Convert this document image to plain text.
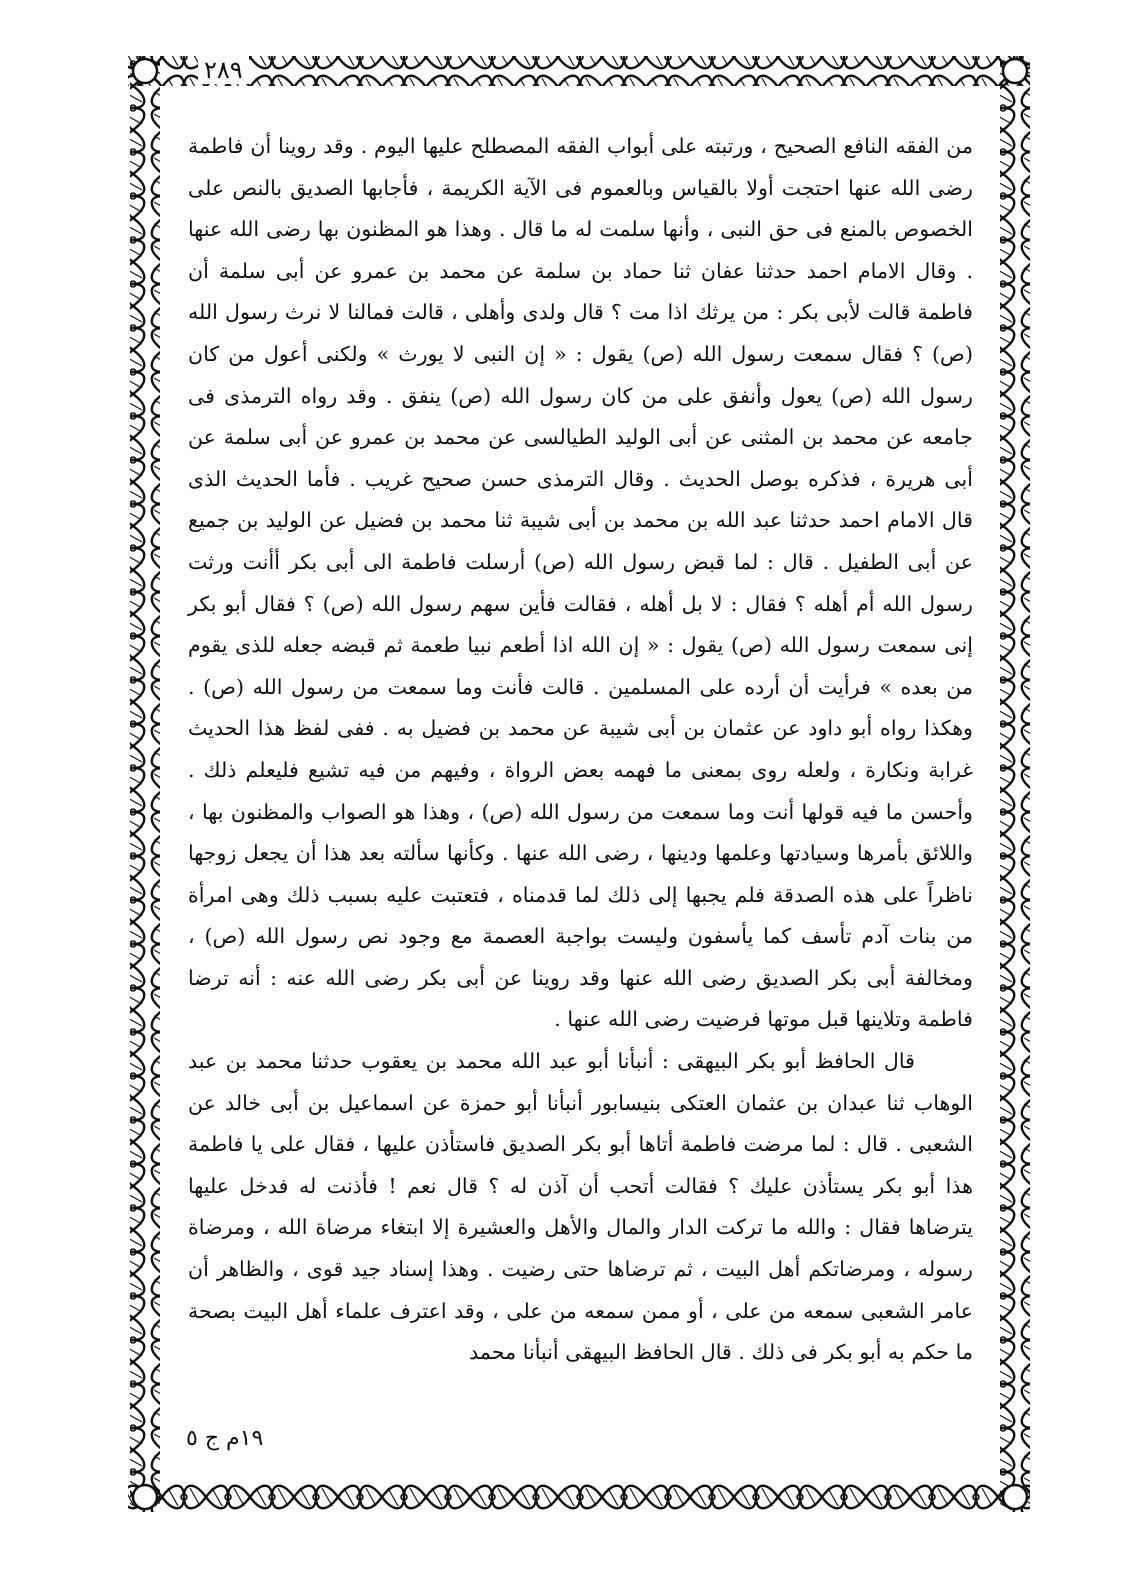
٢٨٩

من الفقه النافع الصحيح ، ورتبته على أبواب الفقه المصطلح عليها اليوم . وقد روينا أن فاطمة رضى الله عنها احتجت أولا بالقياس وبالعموم فى الآية الكريمة ، فأجابها الصديق بالنص على الخصوص بالمنع فى حق النبى ، وأنها سلمت له ما قال . وهذا هو المظنون بها رضى الله عنها . وقال الامام احمد حدثنا عفان ثنا حماد بن سلمة عن محمد بن عمرو عن أبى سلمة أن فاطمة قالت لأبى بكر : من يرثك اذا مت ؟ قال ولدى وأهلى ، قالت فمالنا لا نرث رسول الله (ص) ؟ فقال سمعت رسول الله (ص) يقول : « إن النبى لا يورث » ولكنى أعول من كان رسول الله (ص) يعول وأنفق على من كان رسول الله (ص) ينفق . وقد رواه الترمذى فى جامعه عن محمد بن المثنى عن أبى الوليد الطيالسى عن محمد بن عمرو عن أبى سلمة عن أبى هريرة ، فذكره بوصل الحديث . وقال الترمذى حسن صحيح غريب . فأما الحديث الذى قال الامام احمد حدثنا عبد الله بن محمد بن أبى شيبة ثنا محمد بن فضيل عن الوليد بن جميع عن أبى الطفيل . قال : لما قبض رسول الله (ص) أرسلت فاطمة الى أبى بكر أأنت ورثت رسول الله أم أهله ؟ فقال : لا بل أهله ، فقالت فأين سهم رسول الله (ص) ؟ فقال أبو بكر إنى سمعت رسول الله (ص) يقول : « إن الله اذا أطعم نبيا طعمة ثم قبضه جعله للذى يقوم من بعده » فرأيت أن أرده على المسلمين . قالت فأنت وما سمعت من رسول الله (ص) . وهكذا رواه أبو داود عن عثمان بن أبى شيبة عن محمد بن فضيل به . ففى لفظ هذا الحديث غرابة ونكارة ، ولعله روى بمعنى ما فهمه بعض الرواة ، وفيهم من فيه تشيع فليعلم ذلك . وأحسن ما فيه قولها أنت وما سمعت من رسول الله (ص) ، وهذا هو الصواب والمظنون بها ، واللائق بأمرها وسيادتها وعلمها ودينها ، رضى الله عنها . وكأنها سألته بعد هذا أن يجعل زوجها ناظراً على هذه الصدقة فلم يجبها إلى ذلك لما قدمناه ، فتعتبت عليه بسبب ذلك وهى امرأة من بنات آدم تأسف كما يأسفون وليست بواجبة العصمة مع وجود نص رسول الله (ص) ، ومخالفة أبى بكر الصديق رضى الله عنها وقد روينا عن أبى بكر رضى الله عنه : أنه ترضا فاطمة وتلاينها قبل موتها فرضيت رضى الله عنها .

قال الحافظ أبو بكر البيهقى : أنبأنا أبو عبد الله محمد بن يعقوب حدثنا محمد بن عبد الوهاب ثنا عبدان بن عثمان العتكى بنيسابور أنبأنا أبو حمزة عن اسماعيل بن أبى خالد عن الشعبى . قال : لما مرضت فاطمة أتاها أبو بكر الصديق فاستأذن عليها ، فقال على يا فاطمة هذا أبو بكر يستأذن عليك ؟ فقالت أتحب أن آذن له ؟ قال نعم ! فأذنت له فدخل عليها يترضاها فقال : والله ما تركت الدار والمال والأهل والعشيرة إلا ابتغاء مرضاة الله ، ومرضاة رسوله ، ومرضاتكم أهل البيت ، ثم ترضاها حتى رضيت . وهذا إسناد جيد قوى ، والظاهر أن عامر الشعبى سمعه من على ، أو ممن سمعه من على ، وقد اعترف علماء أهل البيت بصحة ما حكم به أبو بكر فى ذلك . قال الحافظ البيهقى أنبأنا محمد

١٩م ج ٥
